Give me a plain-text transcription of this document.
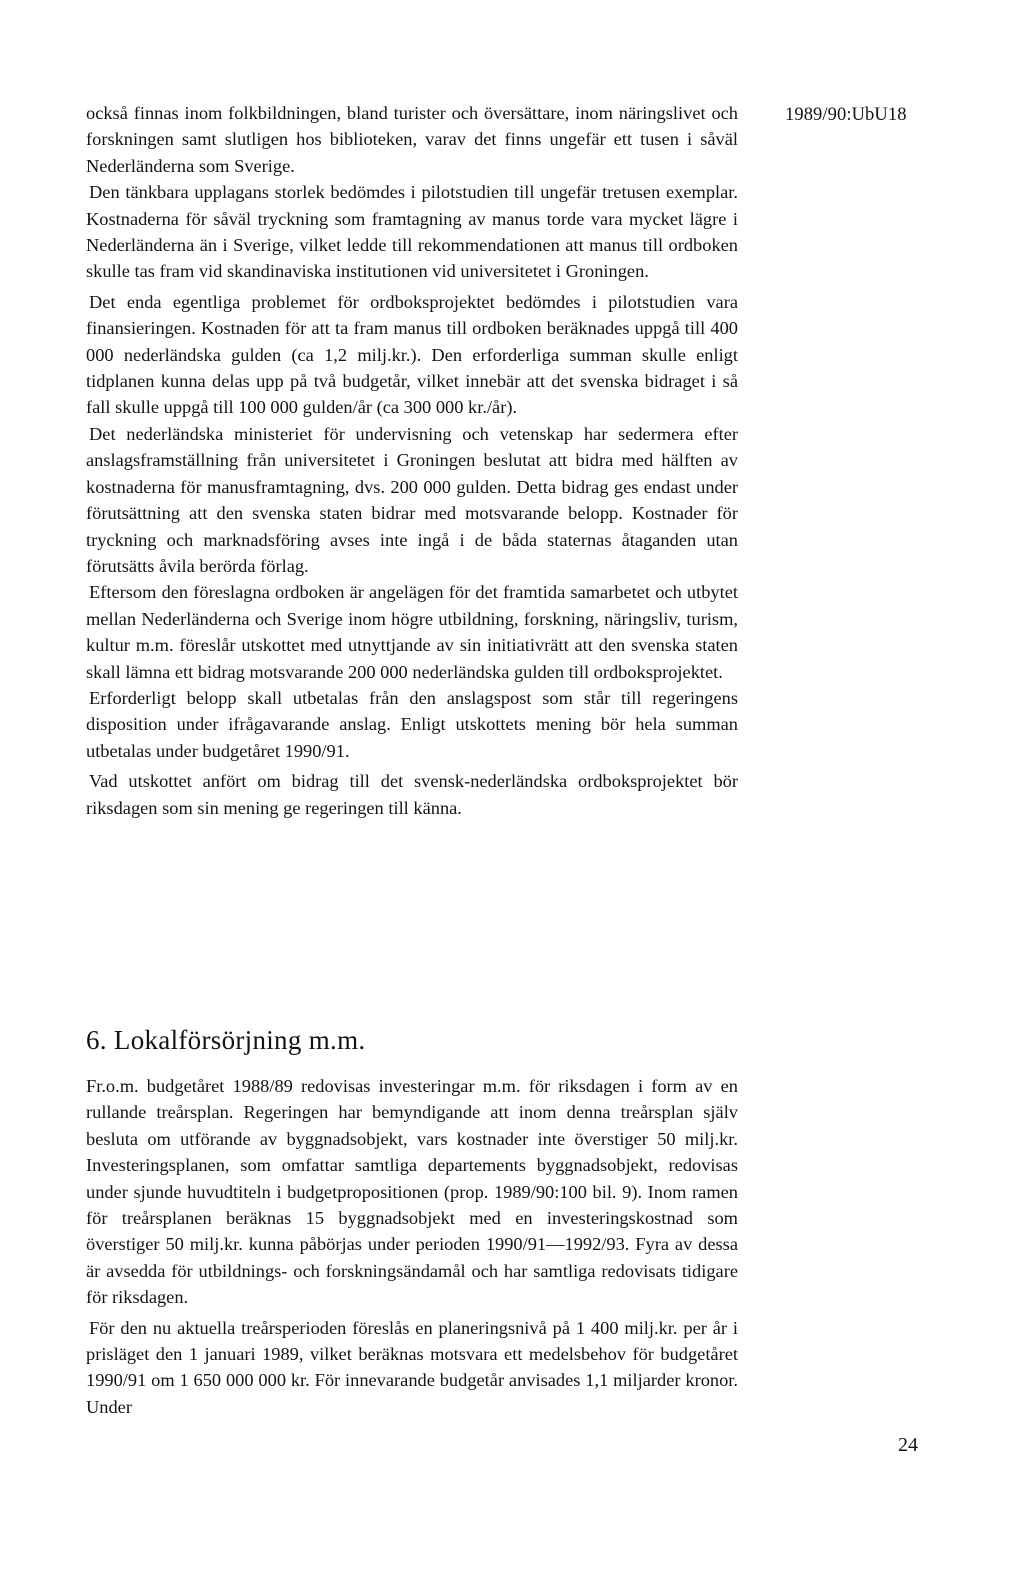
1989/90:UbU18

också finnas inom folkbildningen, bland turister och översättare, inom näringslivet och forskningen samt slutligen hos biblioteken, varav det finns ungefär ett tusen i såväl Nederländerna som Sverige.

Den tänkbara upplagans storlek bedömdes i pilotstudien till ungefär tretusen exemplar. Kostnaderna för såväl tryckning som framtagning av manus torde vara mycket lägre i Nederländerna än i Sverige, vilket ledde till rekommendationen att manus till ordboken skulle tas fram vid skandinaviska institutionen vid universitetet i Groningen.

Det enda egentliga problemet för ordboksprojektet bedömdes i pilotstudien vara finansieringen. Kostnaden för att ta fram manus till ordboken beräknades uppgå till 400 000 nederländska gulden (ca 1,2 milj.kr.). Den erforderliga summan skulle enligt tidplanen kunna delas upp på två budgetår, vilket innebär att det svenska bidraget i så fall skulle uppgå till 100 000 gulden/år (ca 300 000 kr./år).

Det nederländska ministeriet för undervisning och vetenskap har sedermera efter anslagsframställning från universitetet i Groningen beslutat att bidra med hälften av kostnaderna för manusframtagning, dvs. 200 000 gulden. Detta bidrag ges endast under förutsättning att den svenska staten bidrar med motsvarande belopp. Kostnader för tryckning och marknadsföring avses inte ingå i de båda staternas åtaganden utan förutsätts åvila berörda förlag.

Eftersom den föreslagna ordboken är angelägen för det framtida samarbetet och utbytet mellan Nederländerna och Sverige inom högre utbildning, forskning, näringsliv, turism, kultur m.m. föreslår utskottet med utnyttjande av sin initiativrätt att den svenska staten skall lämna ett bidrag motsvarande 200 000 nederländska gulden till ordboksprojektet.

Erforderligt belopp skall utbetalas från den anslagspost som står till regeringens disposition under ifrågavarande anslag. Enligt utskottets mening bör hela summan utbetalas under budgetåret 1990/91.

Vad utskottet anfört om bidrag till det svensk-nederländska ordboksprojektet bör riksdagen som sin mening ge regeringen till känna.

6. Lokalförsörjning m.m.

Fr.o.m. budgetåret 1988/89 redovisas investeringar m.m. för riksdagen i form av en rullande treårsplan. Regeringen har bemyndigande att inom denna treårsplan själv besluta om utförande av byggnadsobjekt, vars kostnader inte överstiger 50 milj.kr. Investeringsplanen, som omfattar samtliga departements byggnadsobjekt, redovisas under sjunde huvudtiteln i budgetpropositionen (prop. 1989/90:100 bil. 9). Inom ramen för treårsplanen beräknas 15 byggnadsobjekt med en investeringskostnad som överstiger 50 milj.kr. kunna påbörjas under perioden 1990/91—1992/93. Fyra av dessa är avsedda för utbildnings- och forskningsändamål och har samtliga redovisats tidigare för riksdagen.

För den nu aktuella treårsperioden föreslås en planeringsnivå på 1 400 milj.kr. per år i prisläget den 1 januari 1989, vilket beräknas motsvara ett medelsbehov för budgetåret 1990/91 om 1 650 000 000 kr. För innevarande budgetår anvisades 1,1 miljarder kronor. Under

24
